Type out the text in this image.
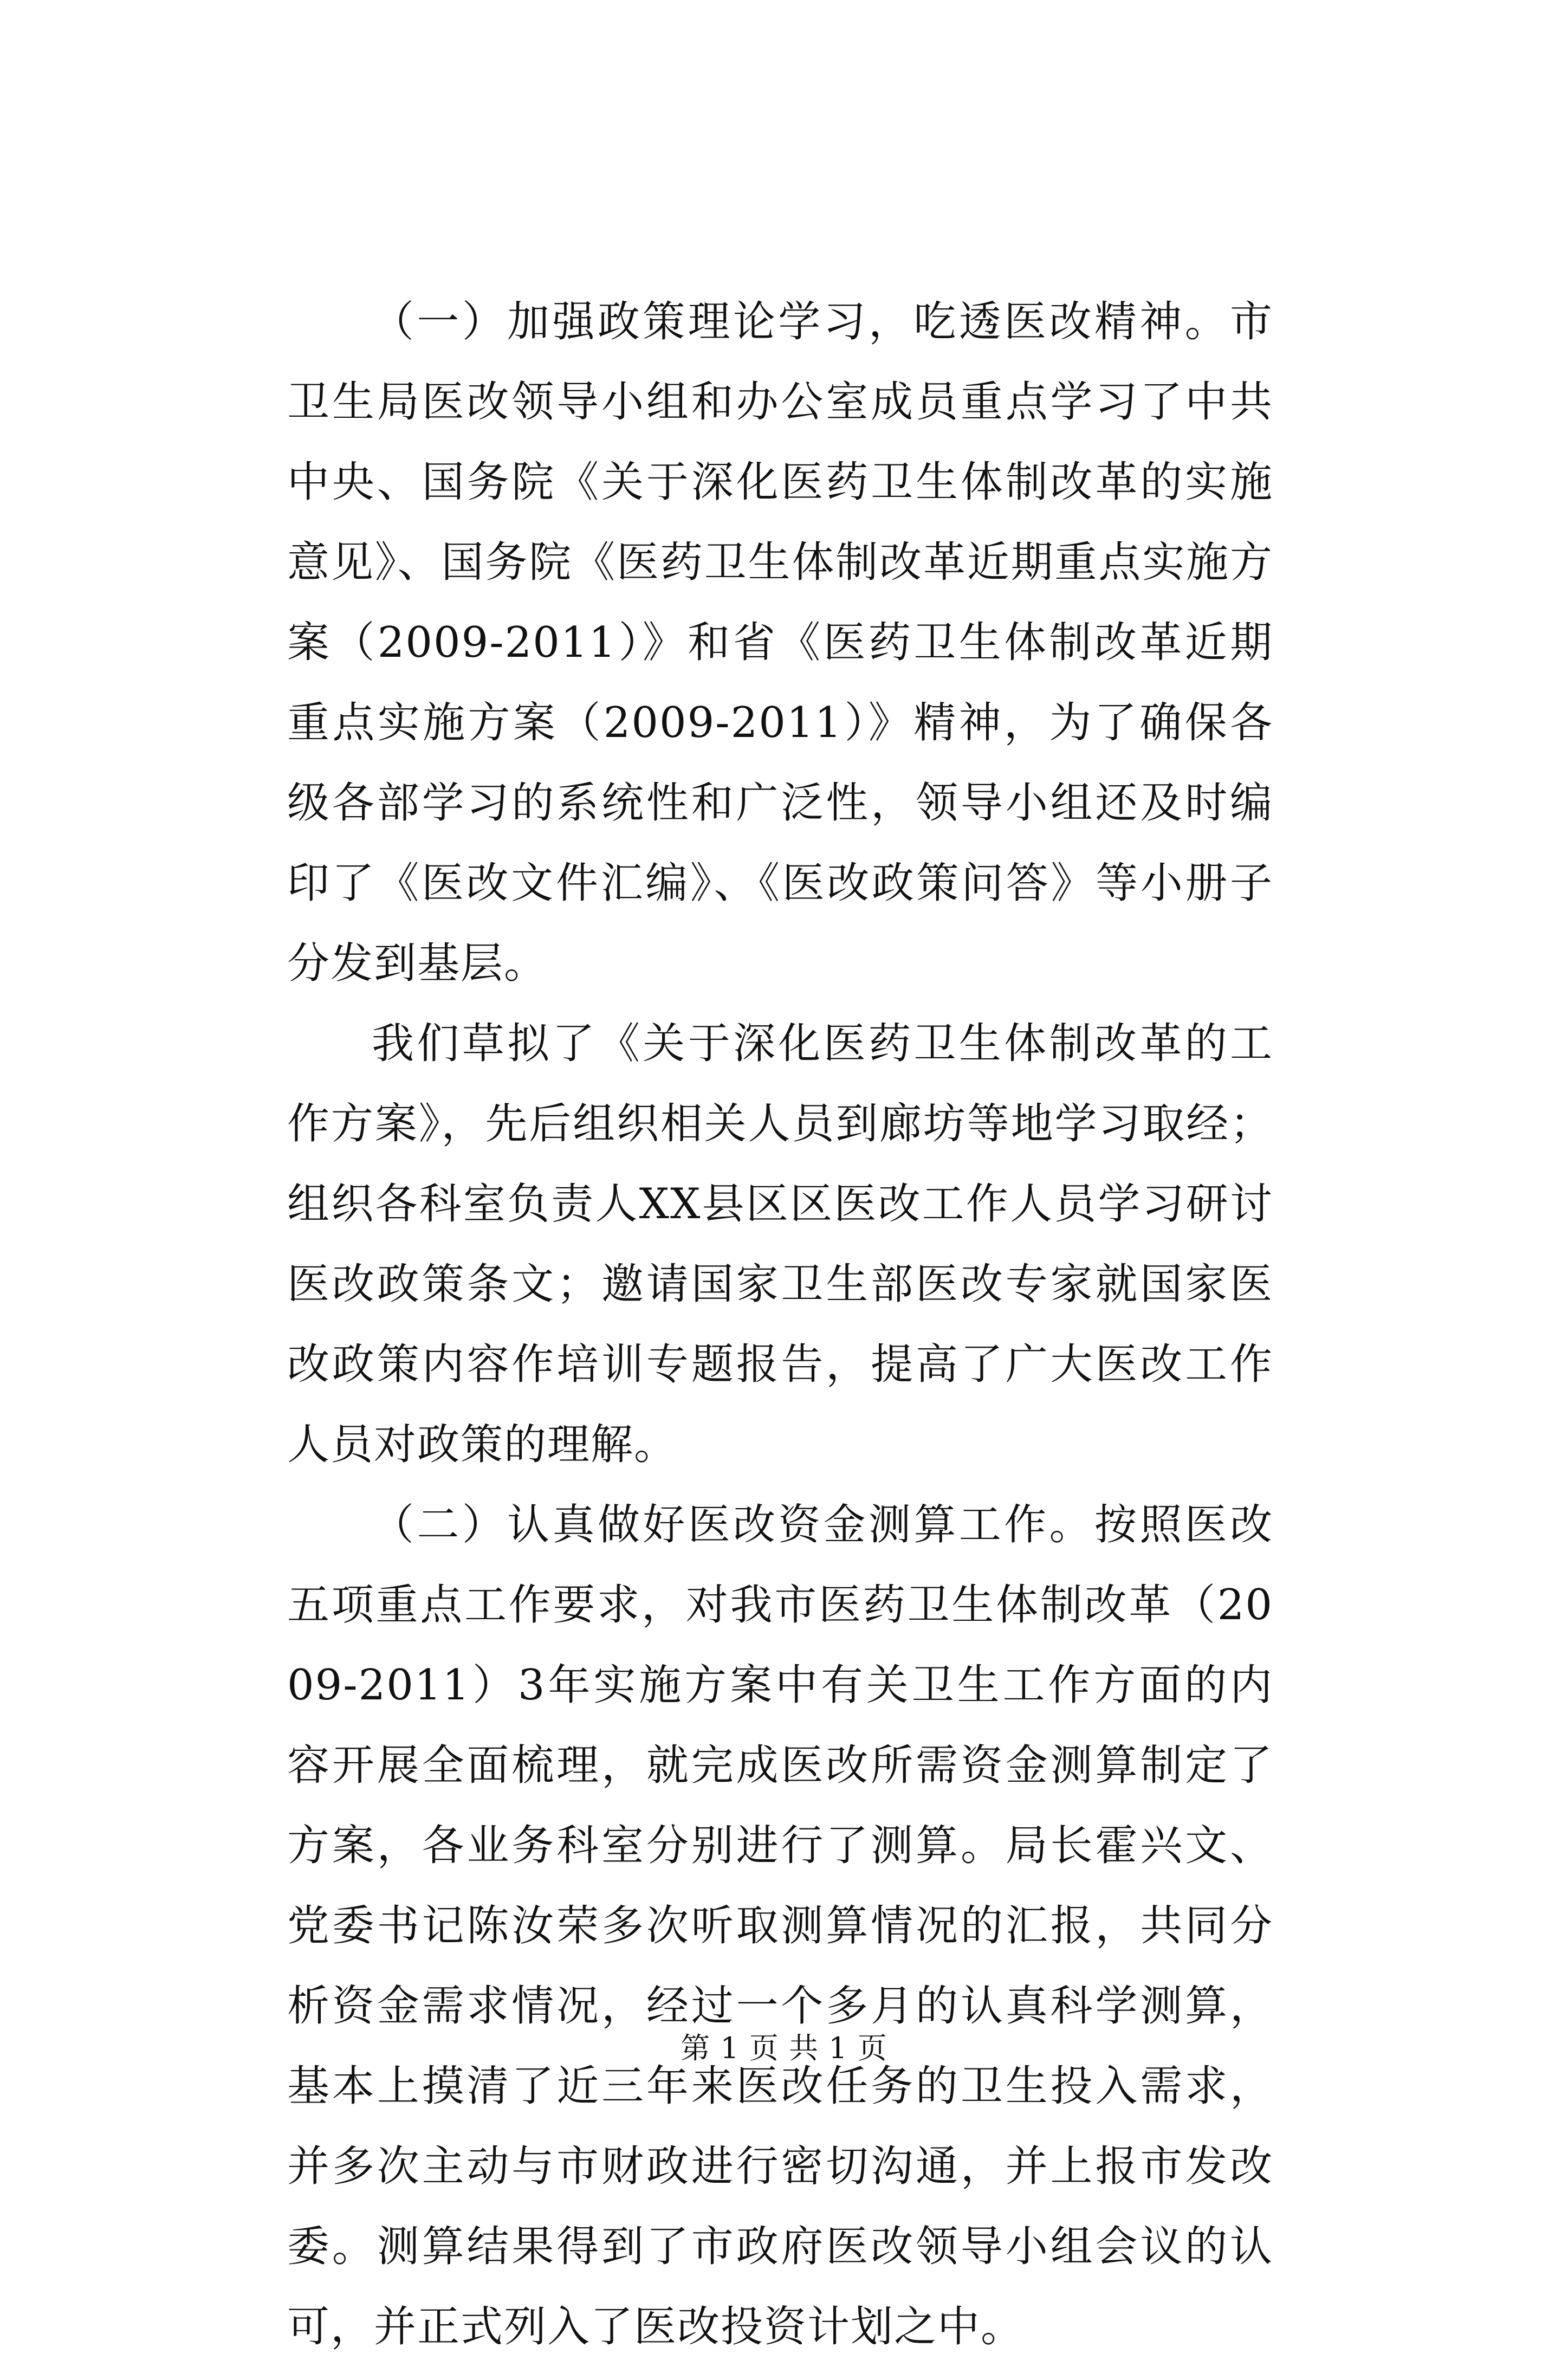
（一）加强政策理论学习，吃透医改精神。市卫生局医改领导小组和办公室成员重点学习了中共中央、国务院《关于深化医药卫生体制改革的实施意见》、国务院《医药卫生体制改革近期重点实施方案（2009-2011）》和省《医药卫生体制改革近期重点实施方案（2009-2011）》精神，为了确保各级各部学习的系统性和广泛性，领导小组还及时编印了《医改文件汇编》、《医改政策问答》等小册子分发到基层。

我们草拟了《关于深化医药卫生体制改革的工作方案》，先后组织相关人员到廊坊等地学习取经；组织各科室负责人XX县区区医改工作人员学习研讨医改政策条文；邀请国家卫生部医改专家就国家医改政策内容作培训专题报告，提高了广大医改工作人员对政策的理解。

（二）认真做好医改资金测算工作。按照医改五项重点工作要求，对我市医药卫生体制改革（2009-2011）3年实施方案中有关卫生工作方面的内容开展全面梳理，就完成医改所需资金测算制定了方案，各业务科室分别进行了测算。局长霍兴文、党委书记陈汝荣多次听取测算情况的汇报，共同分析资金需求情况，经过一个多月的认真科学测算，基本上摸清了近三年来医改任务的卫生投入需求，并多次主动与市财政进行密切沟通，并上报市发改委。测算结果得到了市政府医改领导小组会议的认可，并正式列入了医改投资计划之中。

第 1 页 共 1 页
